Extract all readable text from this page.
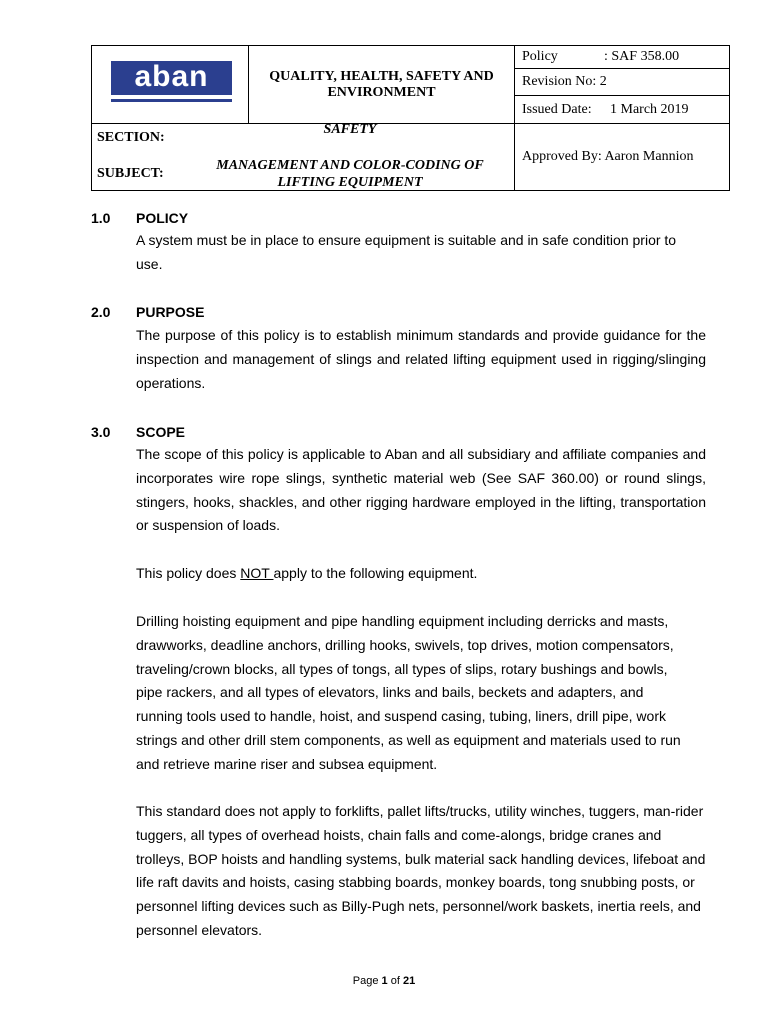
aban	QUALITY, HEALTH, SAFETY AND ENVIRONMENT
Policy	: SAF 358.00
Revision No: 2
Issued Date:	1 March 2019
SECTION:
SAFETY
SUBJECT:
MANAGEMENT AND COLOR-CODING OF
LIFTING EQUIPMENT
Approved By: Aaron Mannion
1.0 POLICY

A system must be in place to ensure equipment is suitable and in safe condition prior to use.

2.0 PURPOSE

The purpose of this policy is to establish minimum standards and provide guidance for the inspection and management of slings and related lifting equipment used in rigging/slinging operations.

3.0 SCOPE

The scope of this policy is applicable to Aban and all subsidiary and affiliate companies and incorporates wire rope slings, synthetic material web (See SAF 360.00) or round slings, stingers, hooks, shackles, and other rigging hardware employed in the lifting, transportation or suspension of loads.

This policy does NOT apply to the following equipment.

Drilling hoisting equipment and pipe handling equipment including derricks and masts, drawworks, deadline anchors, drilling hooks, swivels, top drives, motion compensators, traveling/crown blocks, all types of tongs, all types of slips, rotary bushings and bowls, pipe rackers, and all types of elevators, links and bails, beckets and adapters, and running tools used to handle, hoist, and suspend casing, tubing, liners, drill pipe, work strings and other drill stem components, as well as equipment and materials used to run and retrieve marine riser and subsea equipment.

This standard does not apply to forklifts, pallet lifts/trucks, utility winches, tuggers, man-rider tuggers, all types of overhead hoists, chain falls and come-alongs, bridge cranes and trolleys, BOP hoists and handling systems, bulk material sack handling devices, lifeboat and life raft davits and hoists, casing stabbing boards, monkey boards, tong snubbing posts, or personnel lifting devices such as Billy-Pugh nets, personnel/work baskets, inertia reels, and personnel elevators.

Page 1 of 21
